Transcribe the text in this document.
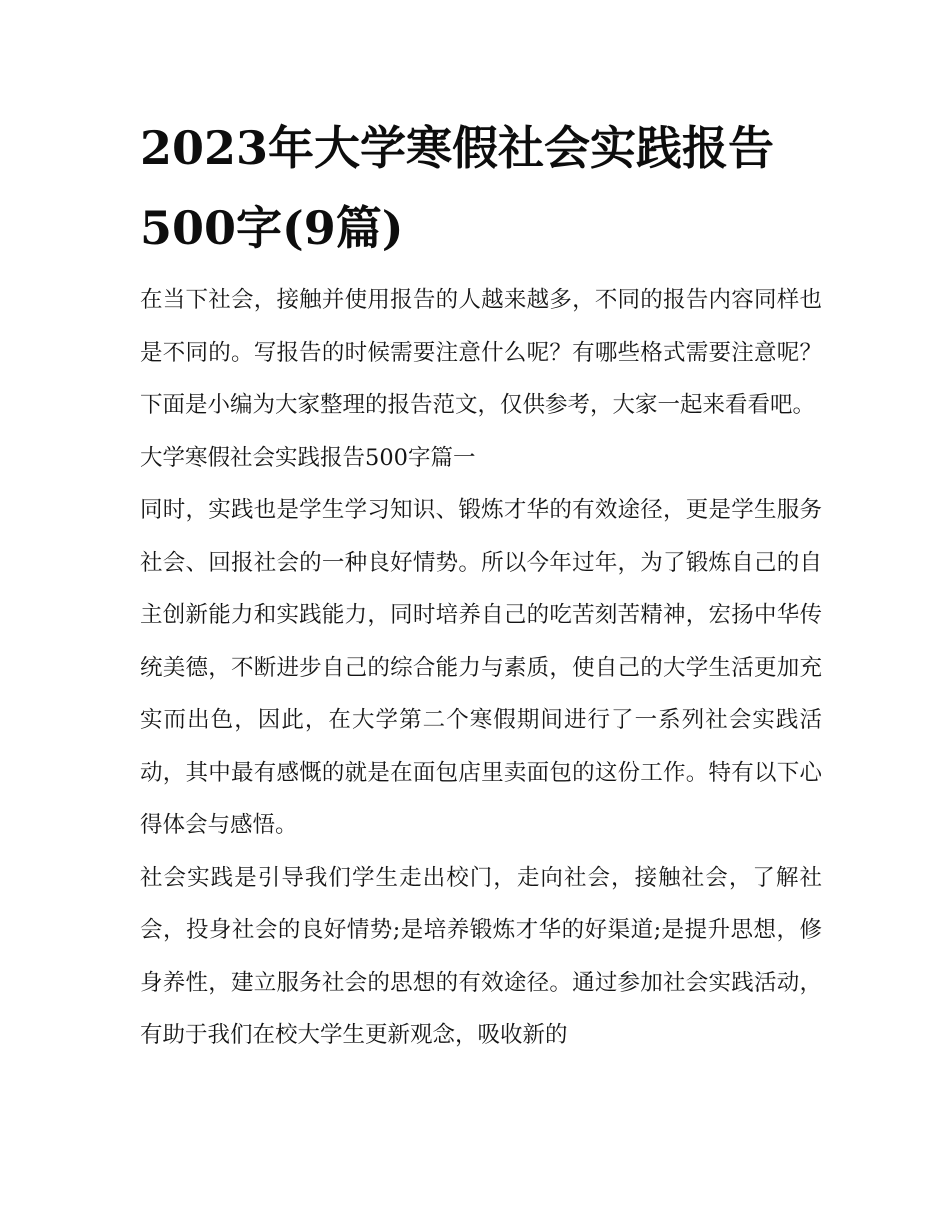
2023年大学寒假社会实践报告500字(9篇)

在当下社会，接触并使用报告的人越来越多，不同的报告内容同样也是不同的。写报告的时候需要注意什么呢？有哪些格式需要注意呢？下面是小编为大家整理的报告范文，仅供参考，大家一起来看看吧。

大学寒假社会实践报告500字篇一

同时，实践也是学生学习知识、锻炼才华的有效途径，更是学生服务社会、回报社会的一种良好情势。所以今年过年，为了锻炼自己的自主创新能力和实践能力，同时培养自己的吃苦刻苦精神，宏扬中华传统美德，不断进步自己的综合能力与素质，使自己的大学生活更加充实而出色，因此，在大学第二个寒假期间进行了一系列社会实践活动，其中最有感慨的就是在面包店里卖面包的这份工作。特有以下心得体会与感悟。

社会实践是引导我们学生走出校门，走向社会，接触社会，了解社会，投身社会的良好情势;是培养锻炼才华的好渠道;是提升思想，修身养性，建立服务社会的思想的有效途径。通过参加社会实践活动，有助于我们在校大学生更新观念，吸收新的
